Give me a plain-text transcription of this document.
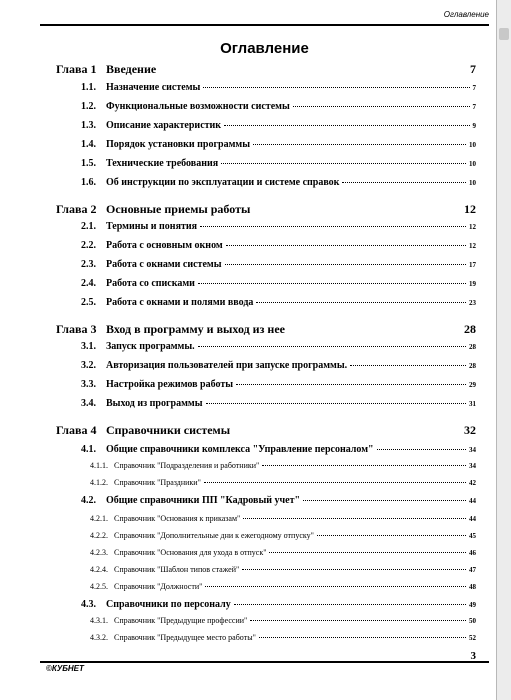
Оглавление
Оглавление
Глава 1 Введение	7
1.1.	Назначение системы	7
1.2.	Функциональные возможности системы	7
1.3.	Описание характеристик	9
1.4.	Порядок установки программы	10
1.5.	Технические требования	10
1.6.	Об инструкции по эксплуатации и системе справок	10
Глава 2 Основные приемы работы	12
2.1.	Термины и понятия	12
2.2.	Работа с основным окном	12
2.3.	Работа с окнами системы	17
2.4.	Работа со списками	19
2.5.	Работа с окнами и полями ввода	23
Глава 3 Вход в программу и выход из нее	28
3.1.	Запуск программы.	28
3.2.	Авторизация пользователей при запуске программы.	28
3.3.	Настройка режимов работы	29
3.4.	Выход из программы	31
Глава 4 Справочники системы	32
4.1.	Общие справочники комплекса "Управление персоналом"	34
4.1.1. Справочник "Подразделения и работники"	34
4.1.2. Справочник "Праздники"	42
4.2.	Общие справочники ПП "Кадровый учет"	44
4.2.1. Справочник "Основания к приказам"	44
4.2.2. Справочник "Дополнительные дни к ежегодному отпуску"	45
4.2.3. Справочник "Основания для ухода в отпуск"	46
4.2.4. Справочник "Шаблон типов стажей"	47
4.2.5. Справочник "Должности"	48
4.3.	Справочники по персоналу	49
4.3.1. Справочник "Предыдущие профессии"	50
4.3.2. Справочник "Предыдущее место работы"	52
©КУБНЕТ
3
